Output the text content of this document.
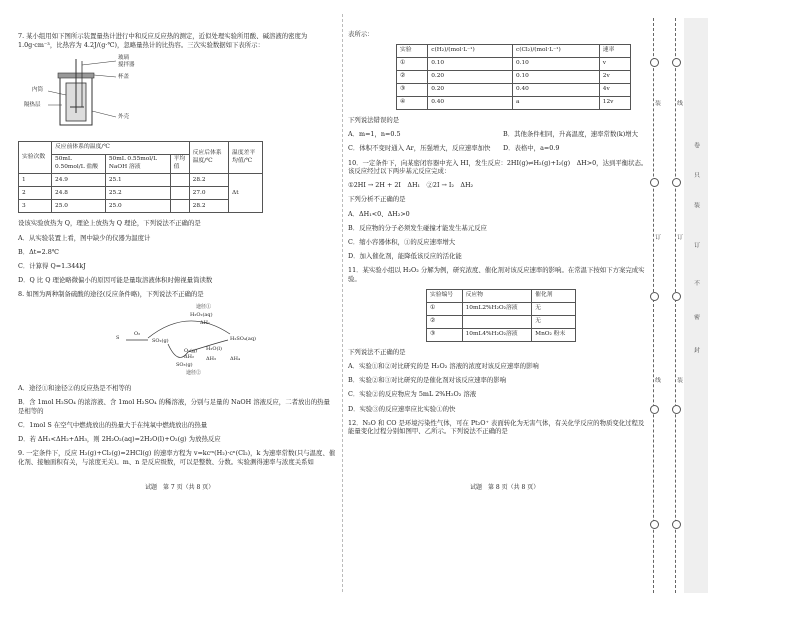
7. 某小组用如下图所示装置量热计进行中和反应反应热的测定，近似处理实验所用酸、碱溶液的密度为 1.0g·cm⁻³，比热容为 4.2J/(g·℃)，忽略量热计的比热容。三次实验数据如下表所示：

玻璃
搅拌器
杯盖
内筒
隔热层
外壳
实验次数	反应前体系的温度/℃			反应后体系温度/℃	温度差平均值/℃
	50mL 0.50mol/L 盐酸	50mL 0.55mol/L NaOH 溶液	平均值		
1	24.9	25.1		28.2	Δt
2	24.8	25.2		27.0	
3	25.0	25.0		28.2	

设该实验放热为 Q，理论上放热为 Q 理论，下列说法不正确的是

A．从实验装置上看，图中缺少的仪器为温度计

B．Δt=2.8℃

C．计算得 Q=1.344kJ

D．Q 比 Q 理论略微偏小的原因可能是量取溶液体积时俯视量筒读数

8. 如图为两种制备硫酸的途径(反应条件略)，下列说法不正确的是

途径①
H₂O₂(aq)
ΔH₁
S
O₂
SO₂(g)
O₂(g)
ΔH₂
H₂O(l)
H₂SO₄(aq)
ΔH₄
ΔH₃
SO₃(g)
途径②

A．途径①和途径②的反应热是不相等的

B．含 1mol H₂SO₄ 的浓溶液、含 1mol H₂SO₄ 的稀溶液，分别与足量的 NaOH 溶液反应，二者放出的热量是相等的

C．1mol S 在空气中燃烧放出的热量大于在纯氧中燃烧放出的热量

D．若 ΔH₁<ΔH₂+ΔH₃，则 2H₂O₂(aq)=2H₂O(l)+O₂(g) 为放热反应

9. 一定条件下，反应 H₂(g)+Cl₂(g)=2HCl(g) 的速率方程为 v=kcᵐ(H₂)·cⁿ(Cl₂)，k 为速率常数(只与温度、催化剂、接触面积有关，与浓度无关)。m、n 是反应级数，可以是整数、分数。实验测得速率与浓度关系如

试题　第 7 页（共 8 页）

表所示：

实验	c(H₂)/(mol·L⁻¹)	c(Cl₂)/(mol·L⁻¹)	速率
①	0.10	0.10	v
②	0.20	0.10	2v
③	0.20	0.40	4v
④	0.40	a	12v

下列说法错误的是

A．m=1，n=0.5	B．其他条件相同，升高温度，速率常数(k)增大

C．体积不变时通入 Ar，压强增大，反应速率加快	D．表格中，a=0.9

10．一定条件下，向某密闭容器中充入 HI，发生反应：2HI(g)⇌H₂(g)+I₂(g)　ΔH>0，达到平衡状态。该反应经过以下两步基元反应完成：

①2HI → 2H + 2I　ΔH₁　②2I → I₂　ΔH₂

下列分析不正确的是

A．ΔH₁<0、ΔH₂>0

B．反应物的分子必须发生碰撞才能发生基元反应

C．缩小容器体积，①的反应速率增大

D．加入催化剂，能降低该反应的活化能

11．某实验小组以 H₂O₂ 分解为例，研究浓度、催化剂对该反应速率的影响。在常温下按如下方案完成实验。

实验编号	反应物	催化剂
①	10mL2%H₂O₂溶液	无
②		无
③	10mL4%H₂O₂溶液	MnO₂ 粉末

下列说法不正确的是

A．实验①和②对比研究的是 H₂O₂ 溶液的浓度对该反应速率的影响

B．实验②和③对比研究的是催化剂对该反应速率的影响

C．实验②的反应物应为 5mL 2%H₂O₂ 溶液

D．实验③的反应速率应比实验①的快

12．N₂O 和 CO 是环境污染性气体，可在 Pt₂O⁺ 表面转化为无害气体，有关化学反应的物质变化过程及能量变化过程分别如图甲、乙所示。下列说法不正确的是

试题　第 8 页（共 8 页）
装
订
线
线
订
装
卷
只
装
订
不
密
封
